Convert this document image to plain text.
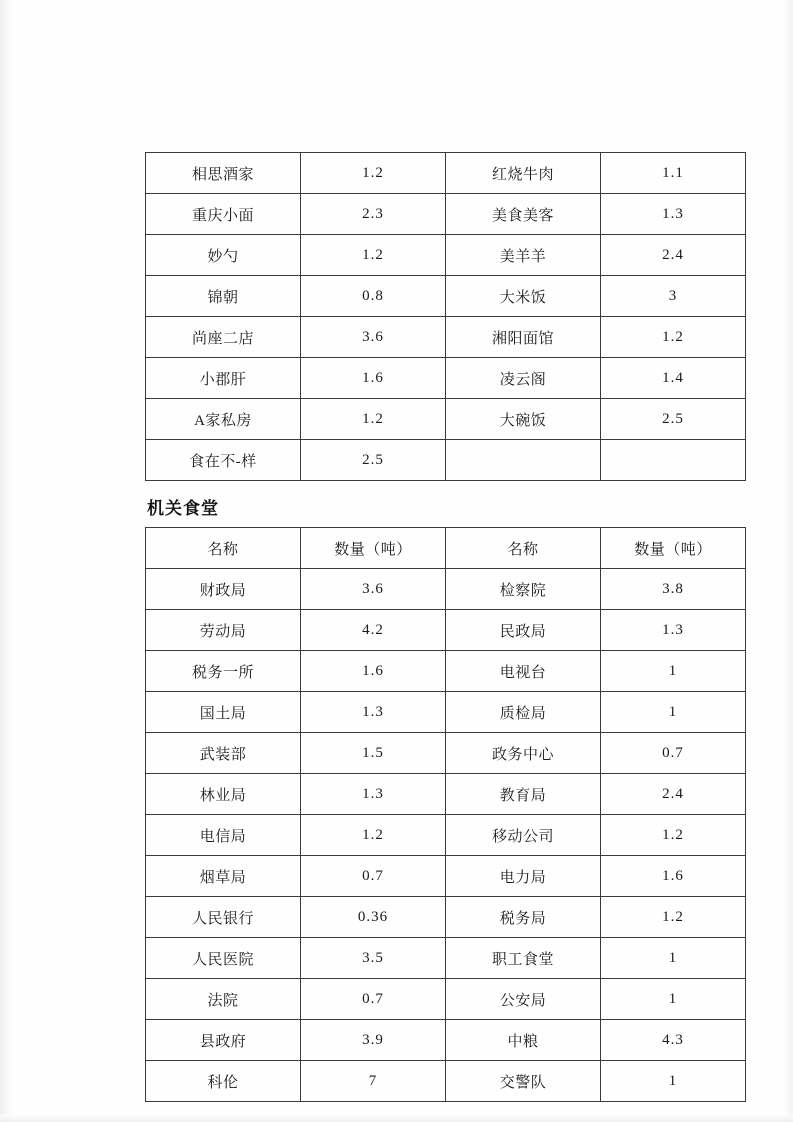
相思酒家	1.2	红烧牛肉	1.1
重庆小面	2.3	美食美客	1.3
妙勺	1.2	美羊羊	2.4
锦朝	0.8	大米饭	3
尚座二店	3.6	湘阳面馆	1.2
小郡肝	1.6	凌云阁	1.4
A家私房	1.2	大碗饭	2.5
食在不-样	2.5		
机关食堂
名称	数量（吨）	名称	数量（吨）
财政局	3.6	检察院	3.8
劳动局	4.2	民政局	1.3
税务一所	1.6	电视台	1
国土局	1.3	质检局	1
武装部	1.5	政务中心	0.7
林业局	1.3	教育局	2.4
电信局	1.2	移动公司	1.2
烟草局	0.7	电力局	1.6
人民银行	0.36	税务局	1.2
人民医院	3.5	职工食堂	1
法院	0.7	公安局	1
县政府	3.9	中粮	4.3
科伦	7	交警队	1
